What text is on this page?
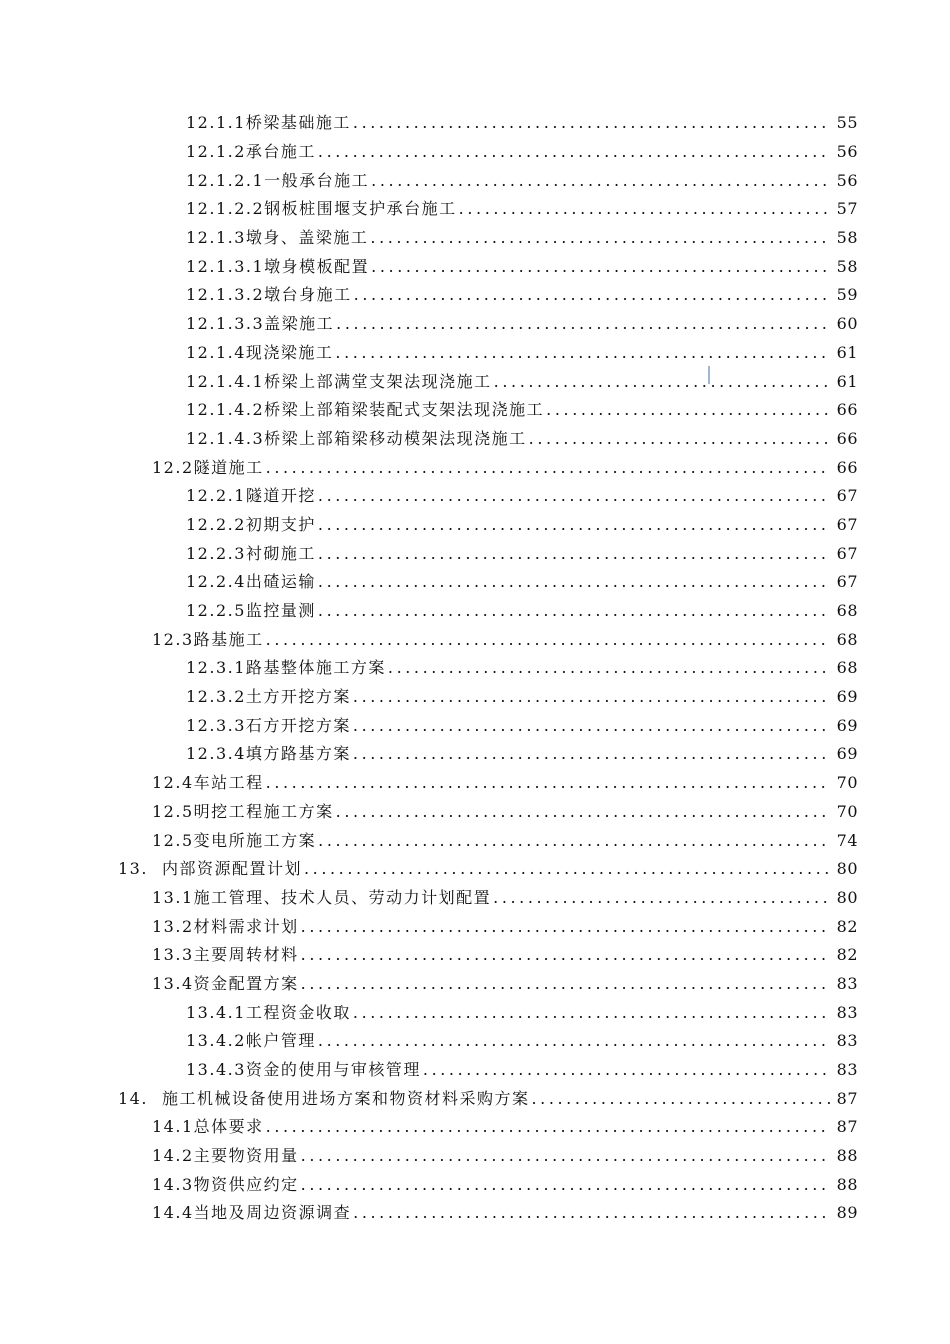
12.1.1 桥梁基础施工 . . .	55
12.1.2 承台施工 . . .	56
12.1.2.1 一般承台施工 . . .	56
12.1.2.2 钢板桩围堰支护承台施工 . . .	57
12.1.3 墩身、盖梁施工 . . .	58
12.1.3.1 墩身模板配置 . . .	58
12.1.3.2 墩台身施工 . . .	59
12.1.3.3 盖梁施工 . . .	60
12.1.4 现浇梁施工 . . .	61
12.1.4.1 桥梁上部满堂支架法现浇施工 . . .	61
12.1.4.2 桥梁上部箱梁装配式支架法现浇施工 . . .	66
12.1.4.3 桥梁上部箱梁移动模架法现浇施工 . . .	66
12.2 隧道施工 . . .	66
12.2.1 隧道开挖 . . .	67
12.2.2 初期支护 . . .	67
12.2.3 衬砌施工 . . .	67
12.2.4 出碴运输 . . .	67
12.2.5 监控量测 . . .	68
12.3 路基施工 . . .	68
12.3.1 路基整体施工方案 . . .	68
12.3.2 土方开挖方案 . . .	69
12.3.3 石方开挖方案 . . .	69
12.3.4 填方路基方案 . . .	69
12.4 车站工程 . . .	70
12.5 明挖工程施工方案 . . .	70
12.5 变电所施工方案 . . .	74
13. 内部资源配置计划 . . .	80
13.1 施工管理、技术人员、劳动力计划配置 . . .	80
13.2 材料需求计划 . . .	82
13.3 主要周转材料 . . .	82
13.4 资金配置方案 . . .	83
13.4.1 工程资金收取 . . .	83
13.4.2 帐户管理 . . .	83
13.4.3 资金的使用与审核管理 . . .	83
14. 施工机械设备使用进场方案和物资材料采购方案 . . .	87
14.1 总体要求 . . .	87
14.2 主要物资用量 . . .	88
14.3 物资供应约定 . . .	88
14.4 当地及周边资源调查 . . .	89
